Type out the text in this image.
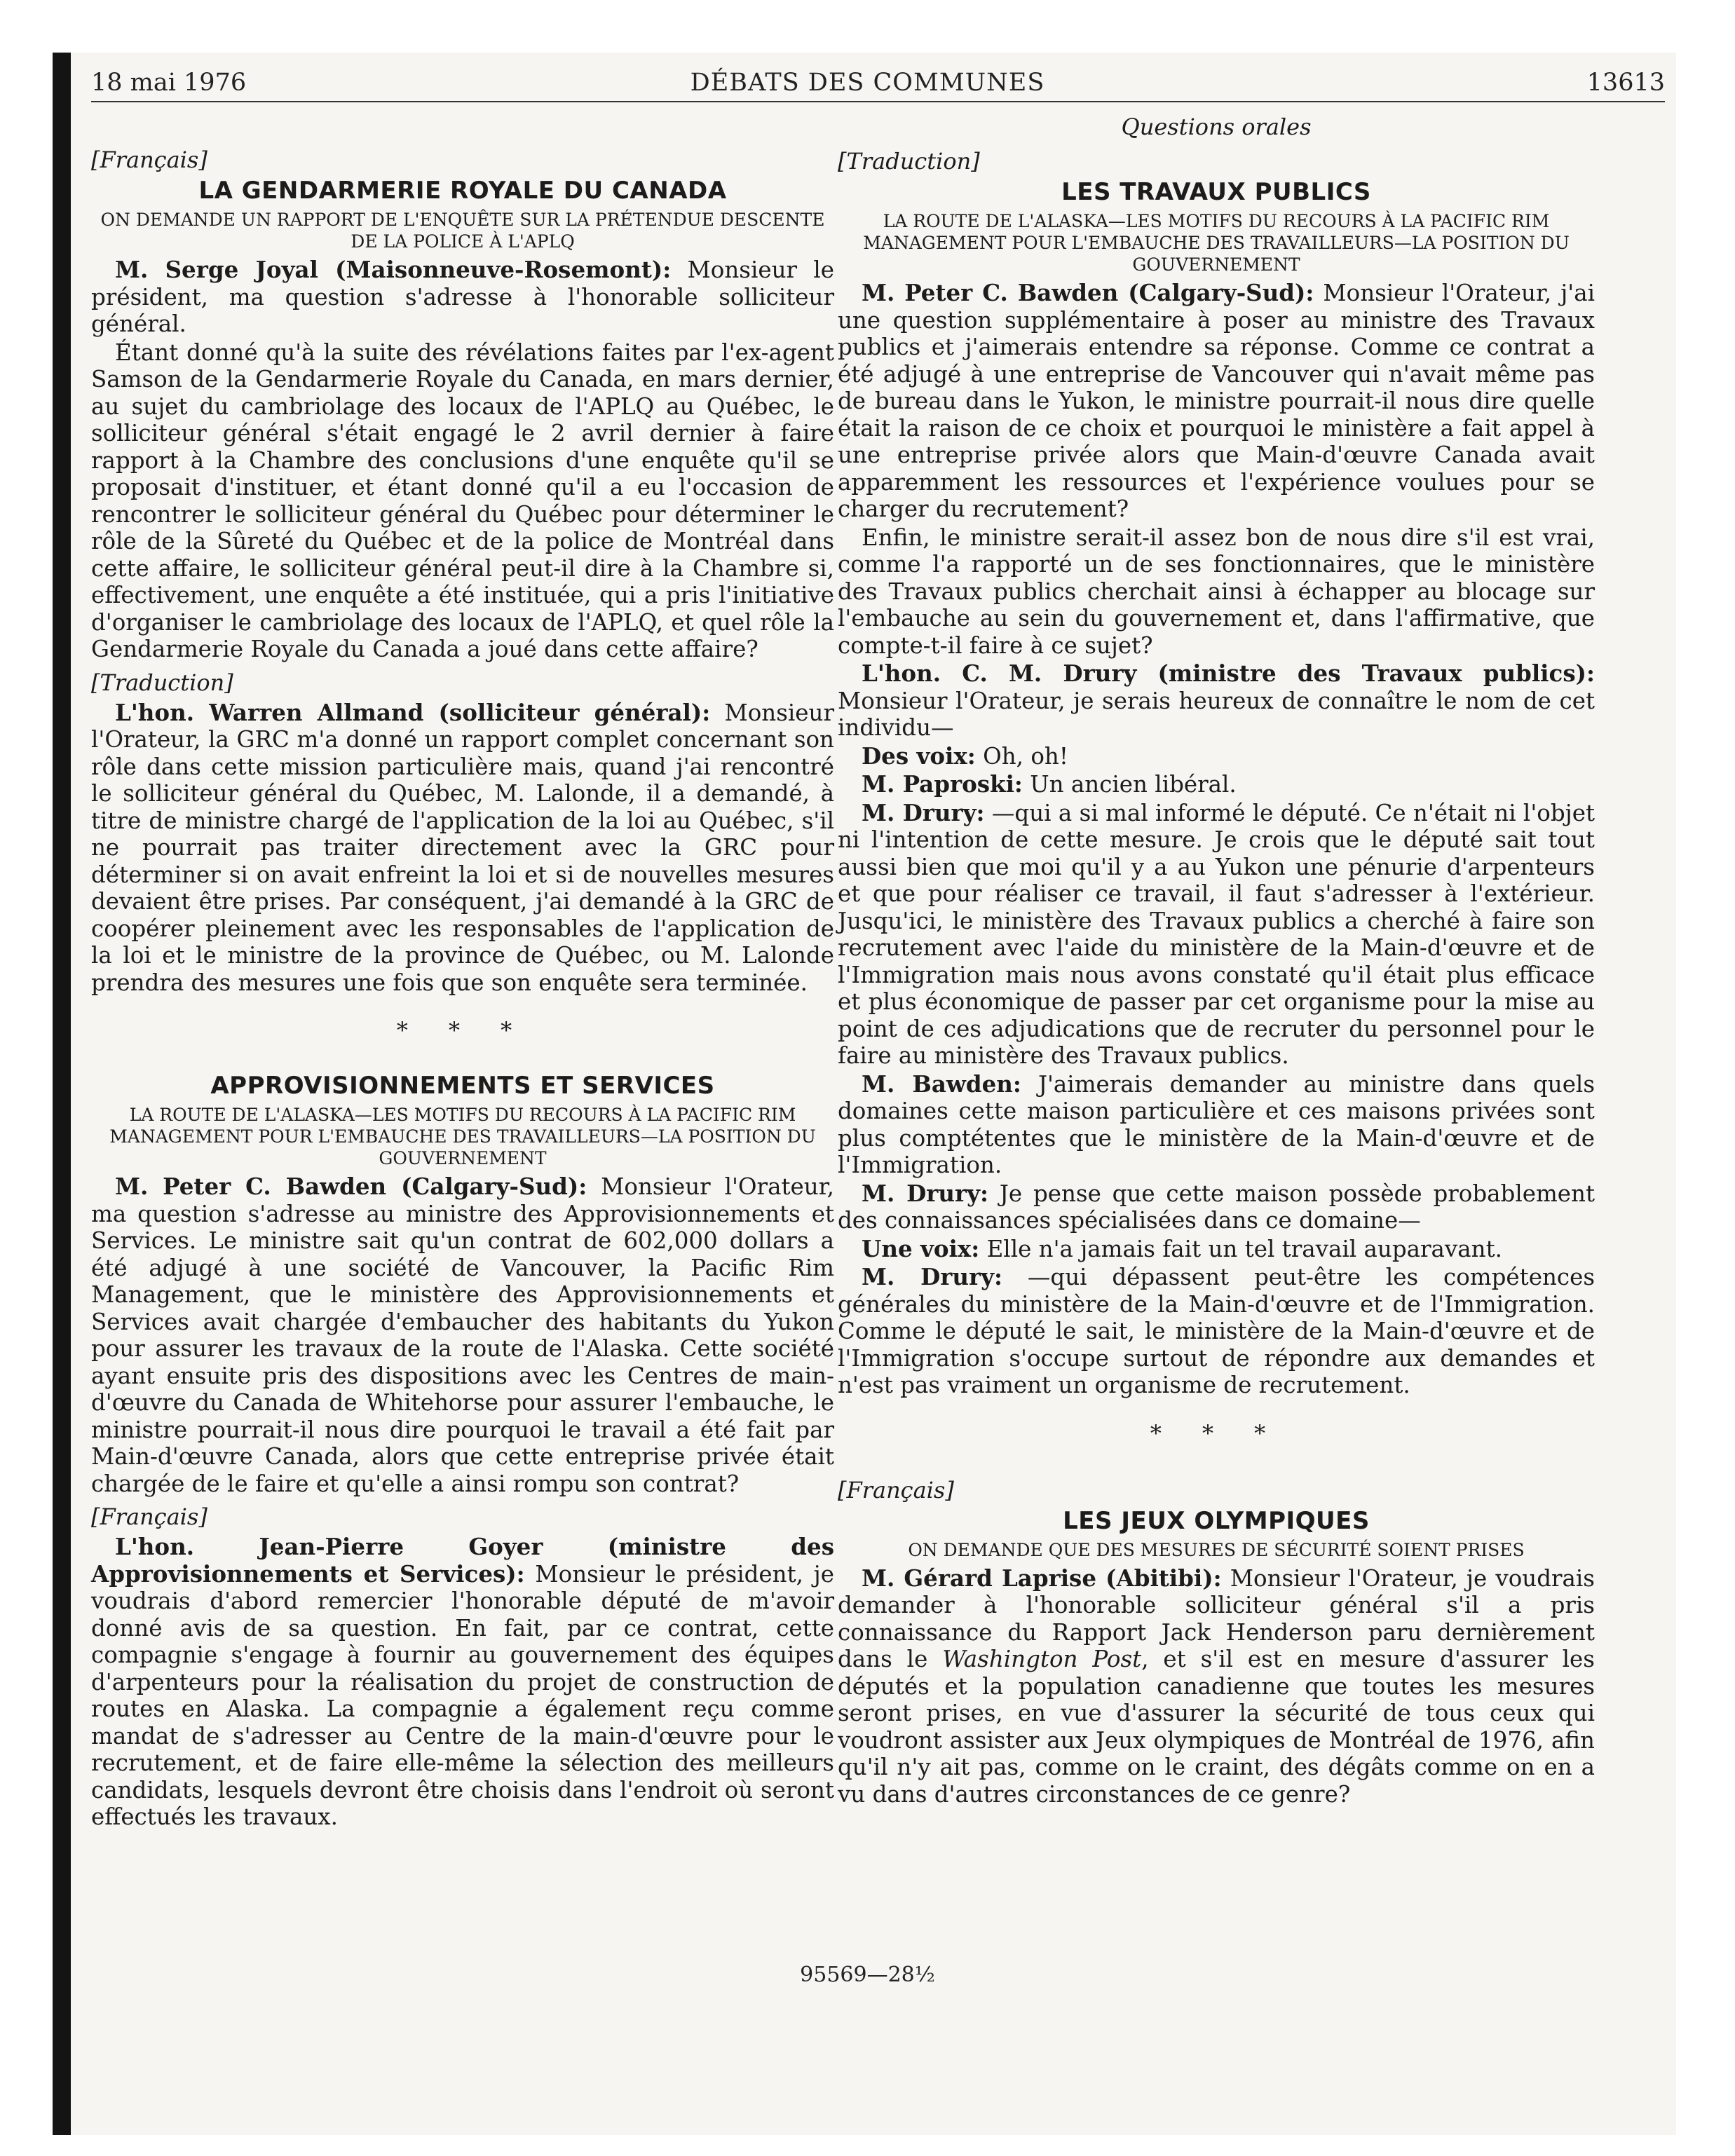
18 mai 1976	DÉBATS DES COMMUNES	13613
[Français]
LA GENDARMERIE ROYALE DU CANADA
ON DEMANDE UN RAPPORT DE L'ENQUÊTE SUR LA PRÉTENDUE DESCENTE DE LA POLICE À L'APLQ

M. Serge Joyal (Maisonneuve-Rosemont): Monsieur le président, ma question s'adresse à l'honorable solliciteur général.

Étant donné qu'à la suite des révélations faites par l'ex-agent Samson de la Gendarmerie Royale du Canada, en mars dernier, au sujet du cambriolage des locaux de l'APLQ au Québec, le solliciteur général s'était engagé le 2 avril dernier à faire rapport à la Chambre des conclusions d'une enquête qu'il se proposait d'instituer, et étant donné qu'il a eu l'occasion de rencontrer le solliciteur général du Québec pour déterminer le rôle de la Sûreté du Québec et de la police de Montréal dans cette affaire, le solliciteur général peut-il dire à la Chambre si, effectivement, une enquête a été instituée, qui a pris l'initiative d'organiser le cambriolage des locaux de l'APLQ, et quel rôle la Gendarmerie Royale du Canada a joué dans cette affaire?

[Traduction]

L'hon. Warren Allmand (solliciteur général): Monsieur l'Orateur, la GRC m'a donné un rapport complet concernant son rôle dans cette mission particulière mais, quand j'ai rencontré le solliciteur général du Québec, M. Lalonde, il a demandé, à titre de ministre chargé de l'application de la loi au Québec, s'il ne pourrait pas traiter directement avec la GRC pour déterminer si on avait enfreint la loi et si de nouvelles mesures devaient être prises. Par conséquent, j'ai demandé à la GRC de coopérer pleinement avec les responsables de l'application de la loi et le ministre de la province de Québec, ou M. Lalonde prendra des mesures une fois que son enquête sera terminée.

* * *
APPROVISIONNEMENTS ET SERVICES
LA ROUTE DE L'ALASKA—LES MOTIFS DU RECOURS À LA PACIFIC RIM MANAGEMENT POUR L'EMBAUCHE DES TRAVAILLEURS—LA POSITION DU GOUVERNEMENT

M. Peter C. Bawden (Calgary-Sud): Monsieur l'Orateur, ma question s'adresse au ministre des Approvisionnements et Services. Le ministre sait qu'un contrat de 602,000 dollars a été adjugé à une société de Vancouver, la Pacific Rim Management, que le ministère des Approvisionnements et Services avait chargée d'embaucher des habitants du Yukon pour assurer les travaux de la route de l'Alaska. Cette société ayant ensuite pris des dispositions avec les Centres de main-d'œuvre du Canada de Whitehorse pour assurer l'embauche, le ministre pourrait-il nous dire pourquoi le travail a été fait par Main-d'œuvre Canada, alors que cette entreprise privée était chargée de le faire et qu'elle a ainsi rompu son contrat?

[Français]

L'hon. Jean-Pierre Goyer (ministre des Approvisionnements et Services): Monsieur le président, je voudrais d'abord remercier l'honorable député de m'avoir donné avis de sa question. En fait, par ce contrat, cette compagnie s'engage à fournir au gouvernement des équipes d'arpenteurs pour la réalisation du projet de construction de routes en Alaska. La compagnie a également reçu comme mandat de s'adresser au Centre de la main-d'œuvre pour le recrutement, et de faire elle-même la sélection des meilleurs candidats, lesquels devront être choisis dans l'endroit où seront effectués les travaux.

Questions orales
[Traduction]
LES TRAVAUX PUBLICS
LA ROUTE DE L'ALASKA—LES MOTIFS DU RECOURS À LA PACIFIC RIM MANAGEMENT POUR L'EMBAUCHE DES TRAVAILLEURS—LA POSITION DU GOUVERNEMENT

M. Peter C. Bawden (Calgary-Sud): Monsieur l'Orateur, j'ai une question supplémentaire à poser au ministre des Travaux publics et j'aimerais entendre sa réponse. Comme ce contrat a été adjugé à une entreprise de Vancouver qui n'avait même pas de bureau dans le Yukon, le ministre pourrait-il nous dire quelle était la raison de ce choix et pourquoi le ministère a fait appel à une entreprise privée alors que Main-d'œuvre Canada avait apparemment les ressources et l'expérience voulues pour se charger du recrutement?

Enfin, le ministre serait-il assez bon de nous dire s'il est vrai, comme l'a rapporté un de ses fonctionnaires, que le ministère des Travaux publics cherchait ainsi à échapper au blocage sur l'embauche au sein du gouvernement et, dans l'affirmative, que compte-t-il faire à ce sujet?

L'hon. C. M. Drury (ministre des Travaux publics): Monsieur l'Orateur, je serais heureux de connaître le nom de cet individu—

Des voix: Oh, oh!

M. Paproski: Un ancien libéral.

M. Drury: —qui a si mal informé le député. Ce n'était ni l'objet ni l'intention de cette mesure. Je crois que le député sait tout aussi bien que moi qu'il y a au Yukon une pénurie d'arpenteurs et que pour réaliser ce travail, il faut s'adresser à l'extérieur. Jusqu'ici, le ministère des Travaux publics a cherché à faire son recrutement avec l'aide du ministère de la Main-d'œuvre et de l'Immigration mais nous avons constaté qu'il était plus efficace et plus économique de passer par cet organisme pour la mise au point de ces adjudications que de recruter du personnel pour le faire au ministère des Travaux publics.

M. Bawden: J'aimerais demander au ministre dans quels domaines cette maison particulière et ces maisons privées sont plus comptétentes que le ministère de la Main-d'œuvre et de l'Immigration.

M. Drury: Je pense que cette maison possède probablement des connaissances spécialisées dans ce domaine—

Une voix: Elle n'a jamais fait un tel travail auparavant.

M. Drury: —qui dépassent peut-être les compétences générales du ministère de la Main-d'œuvre et de l'Immigration. Comme le député le sait, le ministère de la Main-d'œuvre et de l'Immigration s'occupe surtout de répondre aux demandes et n'est pas vraiment un organisme de recrutement.

* * *
[Français]
LES JEUX OLYMPIQUES
ON DEMANDE QUE DES MESURES DE SÉCURITÉ SOIENT PRISES

M. Gérard Laprise (Abitibi): Monsieur l'Orateur, je voudrais demander à l'honorable solliciteur général s'il a pris connaissance du Rapport Jack Henderson paru dernièrement dans le Washington Post, et s'il est en mesure d'assurer les députés et la population canadienne que toutes les mesures seront prises, en vue d'assurer la sécurité de tous ceux qui voudront assister aux Jeux olympiques de Montréal de 1976, afin qu'il n'y ait pas, comme on le craint, des dégâts comme on en a vu dans d'autres circonstances de ce genre?

95569—28½
